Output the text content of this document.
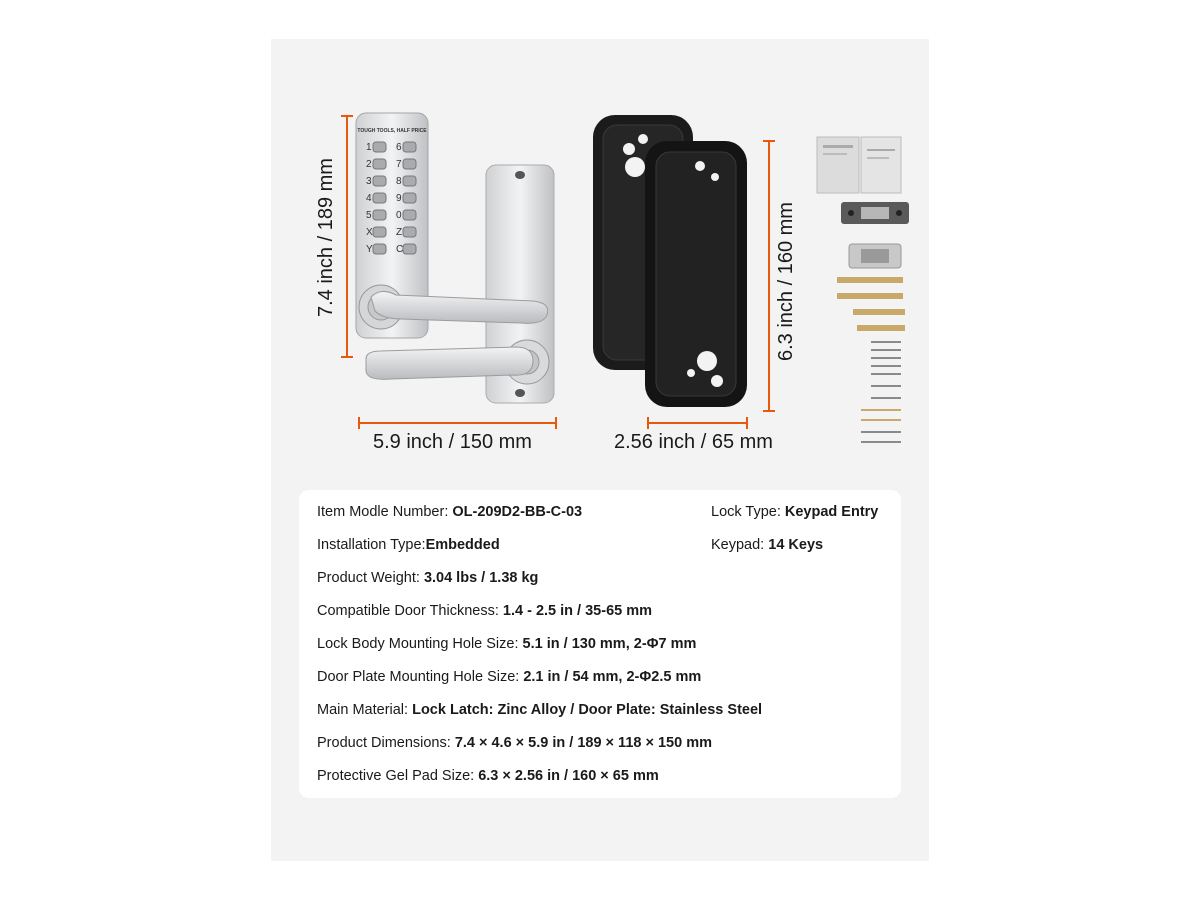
TOUGH TOOLS, HALF PRICE
1 6
2 7
3 8
4 9
5 0
X Z
Y C
7.4 inch / 189 mm
5.9 inch / 150 mm
6.3 inch / 160 mm
2.56 inch / 65 mm
Item Modle Number: OL-209D2-BB-C-03	Lock Type: Keypad Entry
Installation Type:Embedded	Keypad: 14 Keys
Product Weight: 3.04 lbs / 1.38 kg
Compatible Door Thickness: 1.4 - 2.5 in / 35-65 mm
Lock Body Mounting Hole Size: 5.1 in / 130 mm, 2-Φ7 mm
Door Plate Mounting Hole Size: 2.1 in / 54 mm, 2-Φ2.5 mm
Main Material: Lock Latch: Zinc Alloy / Door Plate: Stainless Steel
Product Dimensions: 7.4 × 4.6 × 5.9 in / 189 × 118 × 150 mm
Protective Gel Pad Size: 6.3 × 2.56 in / 160 × 65 mm
